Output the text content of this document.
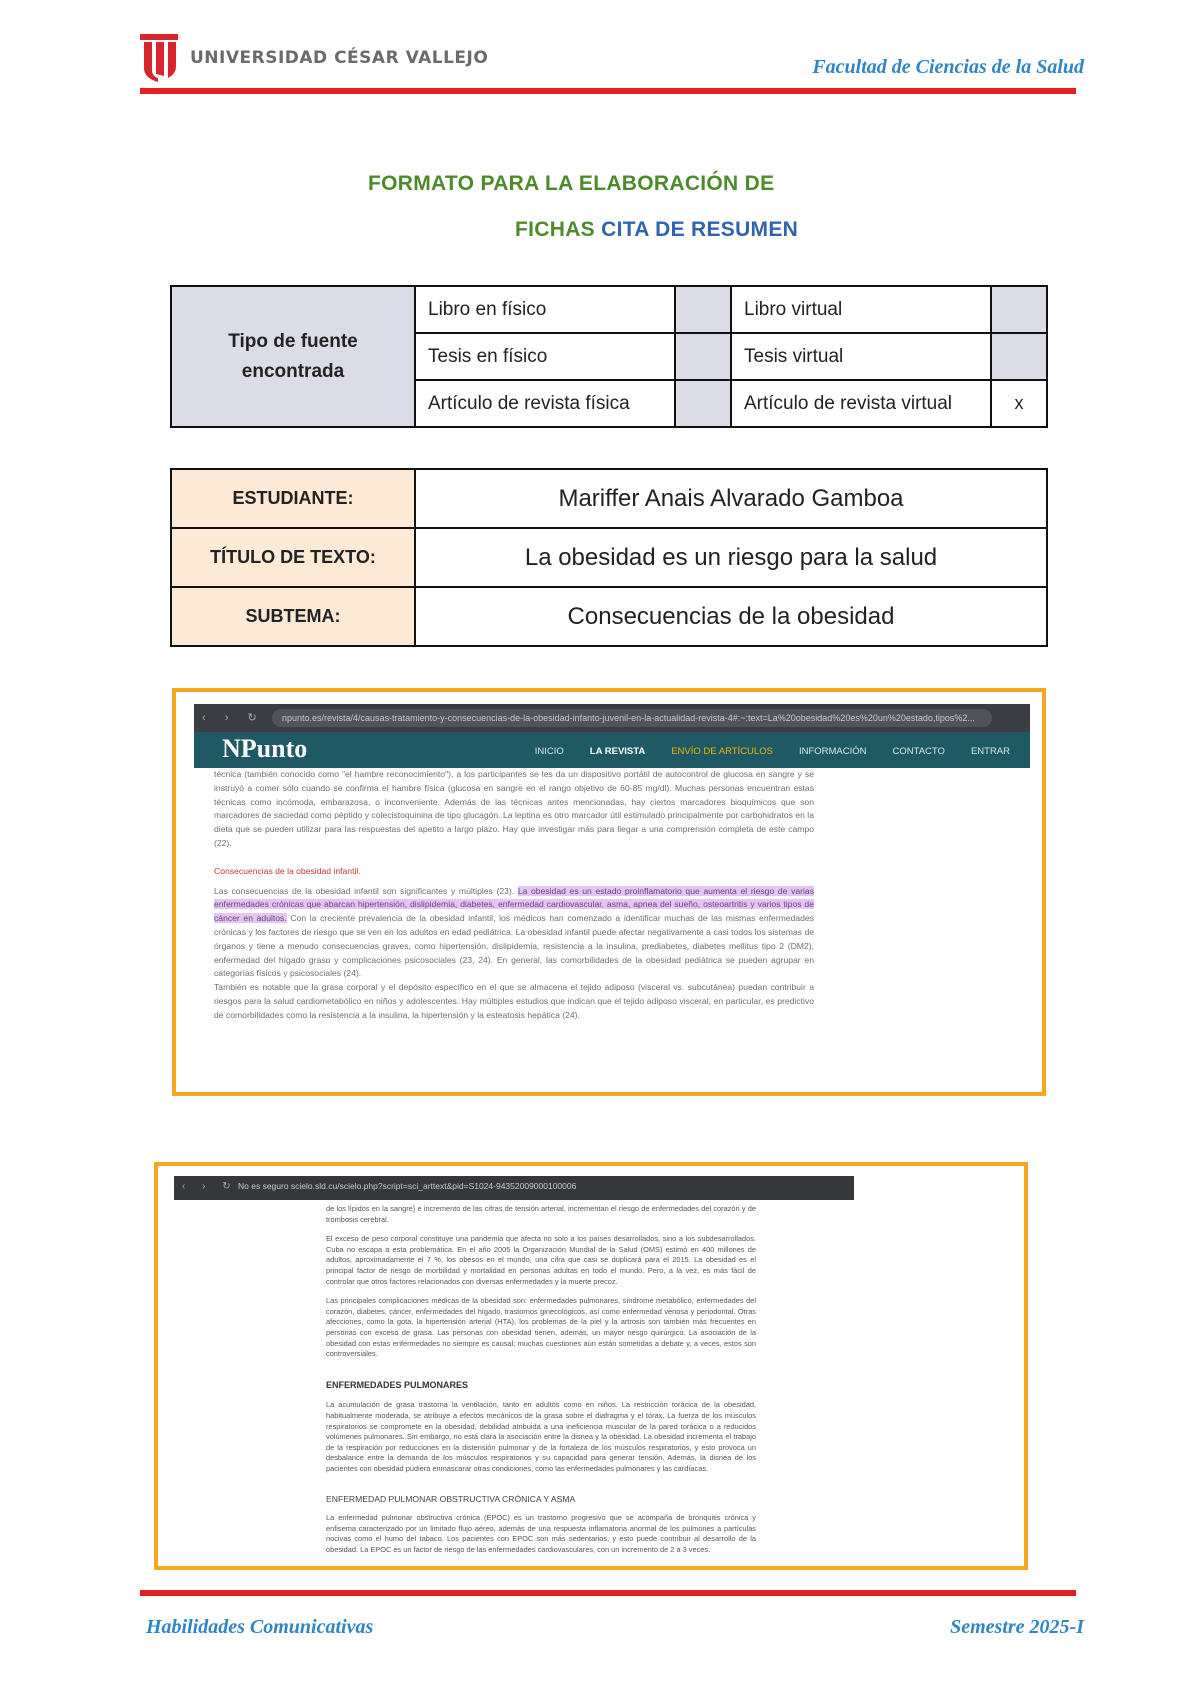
UNIVERSIDAD CÉSAR VALLEJO	Facultad de Ciencias de la Salud
FORMATO PARA LA ELABORACIÓN DE
FICHAS CITA DE RESUMEN
Tipo de fuente encontrada	Libro en físico		Libro virtual	
	Tesis en físico		Tesis virtual	
	Artículo de revista física		Artículo de revista virtual	x
ESTUDIANTE:	Mariffer Anais Alvarado Gamboa
TÍTULO DE TEXTO:	La obesidad es un riesgo para la salud
SUBTEMA:	Consecuencias de la obesidad
‹ › ↻	npunto.es/revista/4/causas-tratamiento-y-consecuencias-de-la-obesidad-infanto-juvenil-en-la-actualidad-revista-4#:~:text=La%20obesidad%20es%20un%20estado,tipos%2...
NPunto	INICIO	LA REVISTA	ENVÍO DE ARTÍCULOS	INFORMACIÓN	CONTACTO	ENTRAR

técnica (también conocido como "el hambre reconocimiento"), a los participantes se les da un dispositivo portátil de autocontrol de glucosa en sangre y se instruyó a comer sólo cuando se confirma el hambre física (glucosa en sangre en el rango objetivo de 60-85 mg/dl). Muchas personas encuentran estas técnicas como incómoda, embarazosa, o inconveniente. Además de las técnicas antes mencionadas, hay ciertos marcadores bioquímicos que son marcadores de saciedad como péptido y colecistoquinina de tipo glucagón. La leptina es otro marcador útil estimulado principalmente por carbohidratos en la dieta que se pueden utilizar para las respuestas del apetito a largo plazo. Hay que investigar más para llegar a una comprensión completa de este campo (22).

Consecuencias de la obesidad infantil.

Las consecuencias de la obesidad infantil son significantes y múltiples (23). La obesidad es un estado proinflamatorio que aumenta el riesgo de varias enfermedades crónicas que abarcan hipertensión, dislipidemia, diabetes, enfermedad cardiovascular, asma, apnea del sueño, osteoartritis y varios tipos de cáncer en adultos. Con la creciente prevalencia de la obesidad infantil, los médicos han comenzado a identificar muchas de las mismas enfermedades crónicas y los factores de riesgo que se ven en los adultos en edad pediátrica. La obesidad infantil puede afectar negativamente a casi todos los sistemas de órganos y tiene a menudo consecuencias graves, como hipertensión, dislipidemia, resistencia a la insulina, prediabetes, diabetes mellitus tipo 2 (DM2), enfermedad del hígado graso y complicaciones psicosociales (23, 24). En general, las comorbilidades de la obesidad pediátrica se pueden agrupar en categorías físicos y psicosociales (24).

También es notable que la grasa corporal y el depósito específico en el que se almacena el tejido adiposo (visceral vs. subcutánea) puedan contribuir a riesgos para la salud cardiometabólico en niños y adolescentes. Hay múltiples estudios que indican que el tejido adiposo visceral, en particular, es predictivo de comorbilidades como la resistencia a la insulina, la hipertensión y la esteatosis hepática (24).

‹ › ↻ No es seguro scielo.sld.cu/scielo.php?script=sci_arttext&pid=S1024-94352009000100006

de los lípidos en la sangre) e incremento de las cifras de tensión arterial, incrementan el riesgo de enfermedades del corazón y de trombosis cerebral.

El exceso de peso corporal constituye una pandemia que afecta no solo a los países desarrollados, sino a los subdesarrollados. Cuba no escapa a esta problemática. En el año 2005 la Organización Mundial de la Salud (OMS) estimó en 400 millones de adultos, aproximadamente el 7 %, los obesos en el mundo, una cifra que casi se duplicará para el 2015. La obesidad es el principal factor de riesgo de morbilidad y mortalidad en personas adultas en todo el mundo. Pero, a la vez, es más fácil de controlar que otros factores relacionados con diversas enfermedades y la muerte precoz.

Las principales complicaciones médicas de la obesidad son: enfermedades pulmonares, síndrome metabólico, enfermedades del corazón, diabetes, cáncer, enfermedades del hígado, trastornos ginecológicos, así como enfermedad venosa y periodontal. Otras afecciones, como la gota, la hipertensión arterial (HTA), los problemas de la piel y la artrosis son también más frecuentes en personas con exceso de grasa. Las personas con obesidad tienen, además, un mayor riesgo quirúrgico. La asociación de la obesidad con estas enfermedades no siempre es causal; muchas cuestiones aún están sometidas a debate y, a veces, estos son controversiales.

ENFERMEDADES PULMONARES

La acumulación de grasa trastorna la ventilación, tanto en adultos como en niños. La restricción torácica de la obesidad, habitualmente moderada, se atribuye a efectos mecánicos de la grasa sobre el diafragma y el tórax. La fuerza de los músculos respiratorios se compromete en la obesidad, debilidad atribuida a una ineficiencia muscular de la pared torácica o a reducidos volúmenes pulmonares. Sin embargo, no está clara la asociación entre la disnea y la obesidad. La obesidad incrementa el trabajo de la respiración por reducciones en la distensión pulmonar y de la fortaleza de los músculos respiratorios, y esto provoca un desbalance entre la demanda de los músculos respiratorios y su capacidad para generar tensión. Además, la disnea de los pacientes con obesidad pudiera enmascarar otras condiciones, como las enfermedades pulmonares y las cardíacas.

ENFERMEDAD PULMONAR OBSTRUCTIVA CRÓNICA Y ASMA

La enfermedad pulmonar obstructiva crónica (EPOC) es un trastorno progresivo que se acompaña de bronquitis crónica y enfisema caracterizado por un limitado flujo aéreo, además de una respuesta inflamatoria anormal de los pulmones a partículas nocivas como el humo del tabaco. Los pacientes con EPOC son más sedentarios, y esto puede contribuir al desarrollo de la obesidad. La EPOC es un factor de riesgo de las enfermedades cardiovasculares, con un incremento de 2 a 3 veces.

Habilidades Comunicativas	Semestre 2025-I
